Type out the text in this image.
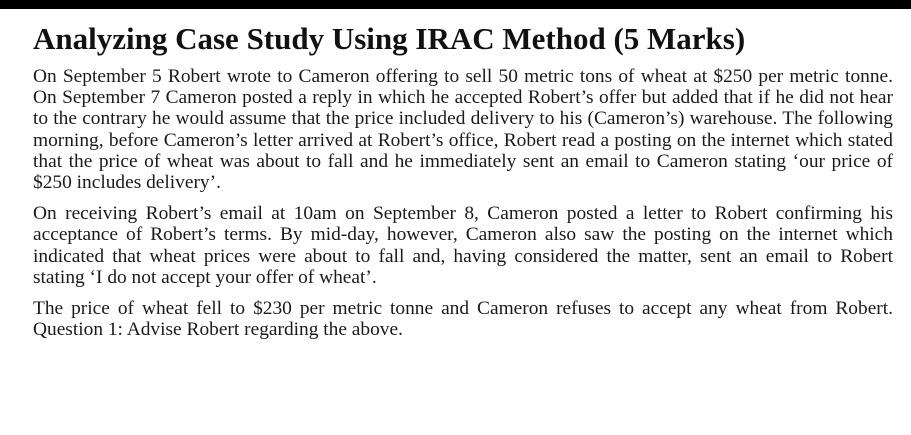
Analyzing Case Study Using IRAC Method (5 Marks)

On September 5 Robert wrote to Cameron offering to sell 50 metric tons of wheat at $250 per metric tonne. On September 7 Cameron posted a reply in which he accepted Robert’s offer but added that if he did not hear to the contrary he would assume that the price included delivery to his (Cameron’s) warehouse. The following morning, before Cameron’s letter arrived at Robert’s office, Robert read a posting on the internet which stated that the price of wheat was about to fall and he immediately sent an email to Cameron stating ‘our price of $250 includes delivery’.

On receiving Robert’s email at 10am on September 8, Cameron posted a letter to Robert confirming his acceptance of Robert’s terms. By mid-day, however, Cameron also saw the posting on the internet which indicated that wheat prices were about to fall and, having considered the matter, sent an email to Robert stating ‘I do not accept your offer of wheat’.

The price of wheat fell to $230 per metric tonne and Cameron refuses to accept any wheat from Robert. Question 1: Advise Robert regarding the above.
